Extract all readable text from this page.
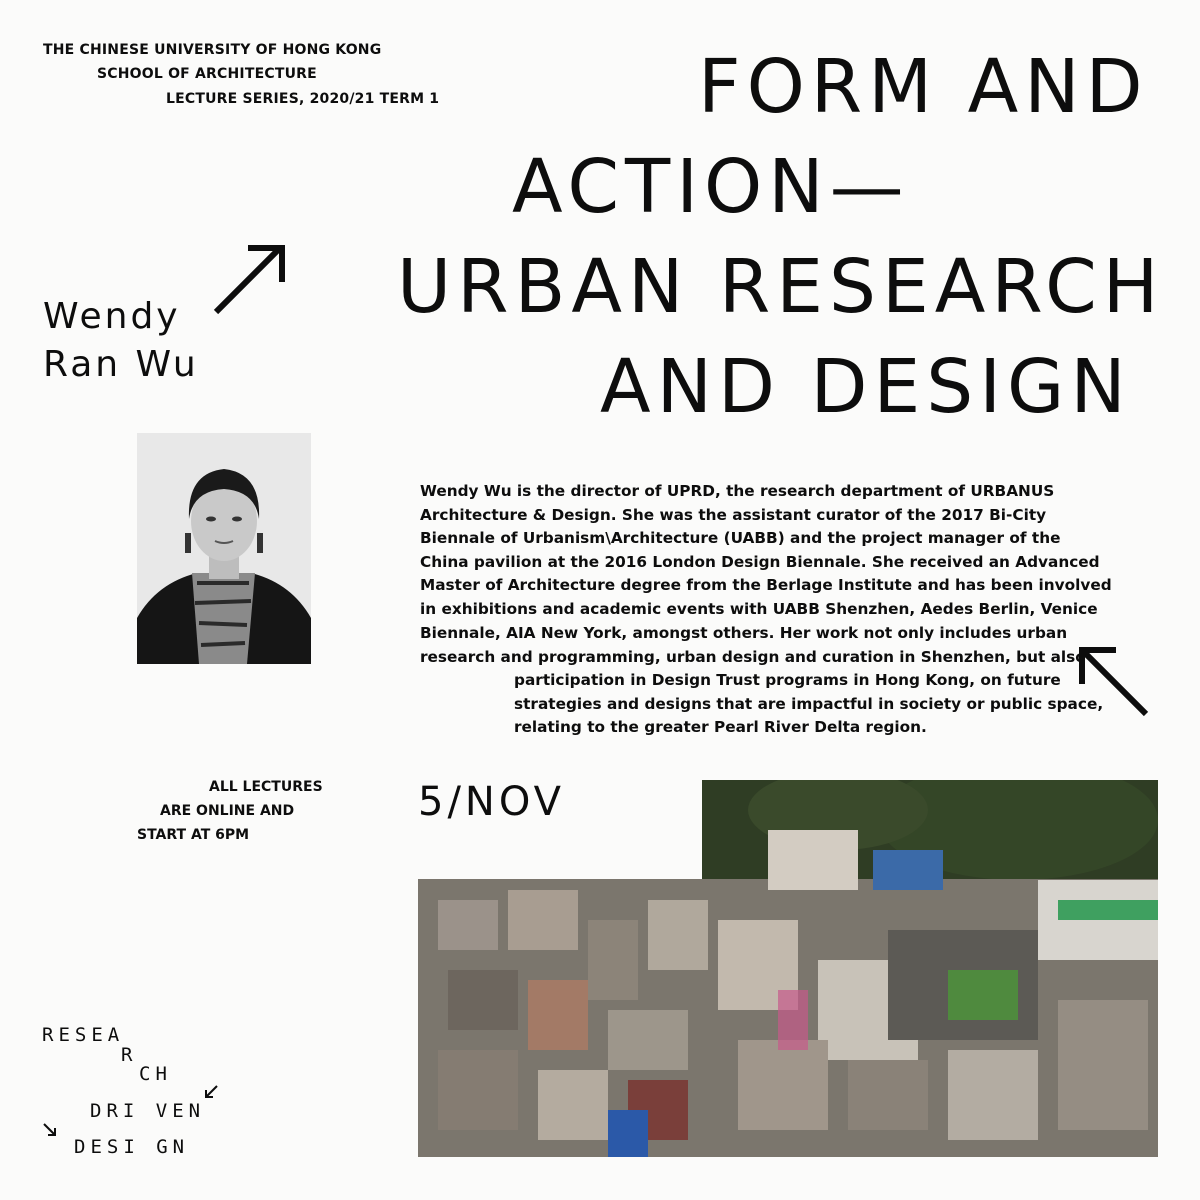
THE CHINESE UNIVERSITY OF HONG KONG
SCHOOL OF ARCHITECTURE
LECTURE SERIES, 2020/21 TERM 1	FORM AND
ACTION—
URBAN RESEARCH
AND DESIGN
Wendy
Ran Wu
Wendy Wu is the director of UPRD, the research department of URBANUS
Architecture & Design. She was the assistant curator of the 2017 Bi-City
Biennale of Urbanism\Architecture (UABB) and the project manager of the
China pavilion at the 2016 London Design Biennale. She received an Advanced
Master of Architecture degree from the Berlage Institute and has been involved
in exhibitions and academic events with UABB Shenzhen, Aedes Berlin, Venice
Biennale, AIA New York, amongst others. Her work not only includes urban
research and programming, urban design and curation in Shenzhen, but also
participation in Design Trust programs in Hong Kong, on future
strategies and designs that are impactful in society or public space,
relating to the greater Pearl River Delta region.
ALL LECTURES
ARE ONLINE AND
START AT 6PM
5/NOV
RESEA
R
CH
DRI VEN
DESI GN
